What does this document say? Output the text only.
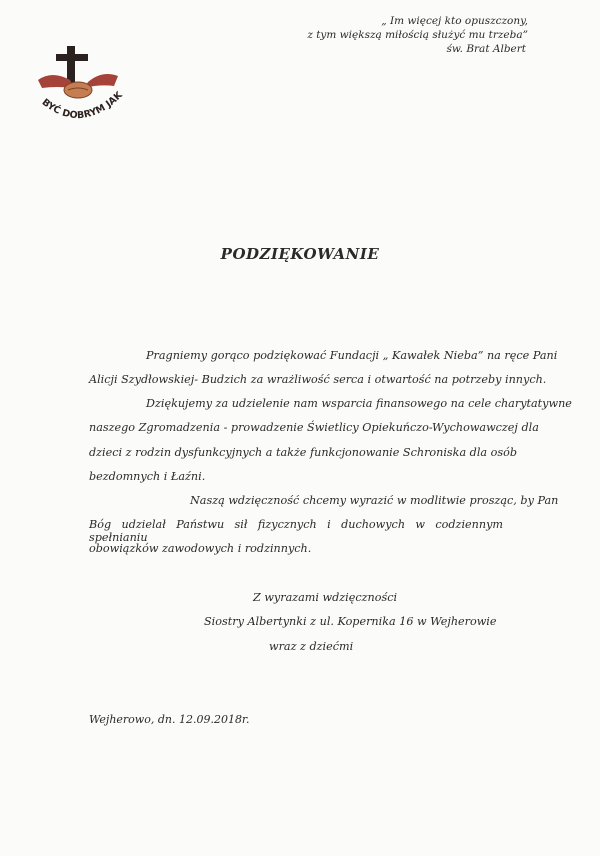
„ Im więcej kto opuszczony,
z tym większą miłością służyć mu trzeba”
św. Brat Albert
BYĆ DOBRYM JAK
PODZIĘKOWANIE
Pragniemy gorąco podziękować Fundacji „ Kawałek Nieba” na ręce Pani
Alicji Szydłowskiej- Budzich za wrażliwość serca i otwartość na potrzeby innych.
Dziękujemy za udzielenie nam wsparcia finansowego na cele charytatywne
naszego Zgromadzenia - prowadzenie Świetlicy Opiekuńczo-Wychowawczej dla
dzieci z rodzin dysfunkcyjnych a także funkcjonowanie Schroniska dla osób
bezdomnych i Łaźni.
Naszą wdzięczność chcemy wyrazić w modlitwie prosząc, by Pan
Bóg udzielał Państwu sił fizycznych i duchowych w codziennym spełnianiu
obowiązków zawodowych i rodzinnych.
Z wyrazami wdzięczności
Siostry Albertynki z ul. Kopernika 16 w Wejherowie
wraz z dziećmi
Wejherowo, dn. 12.09.2018r.
